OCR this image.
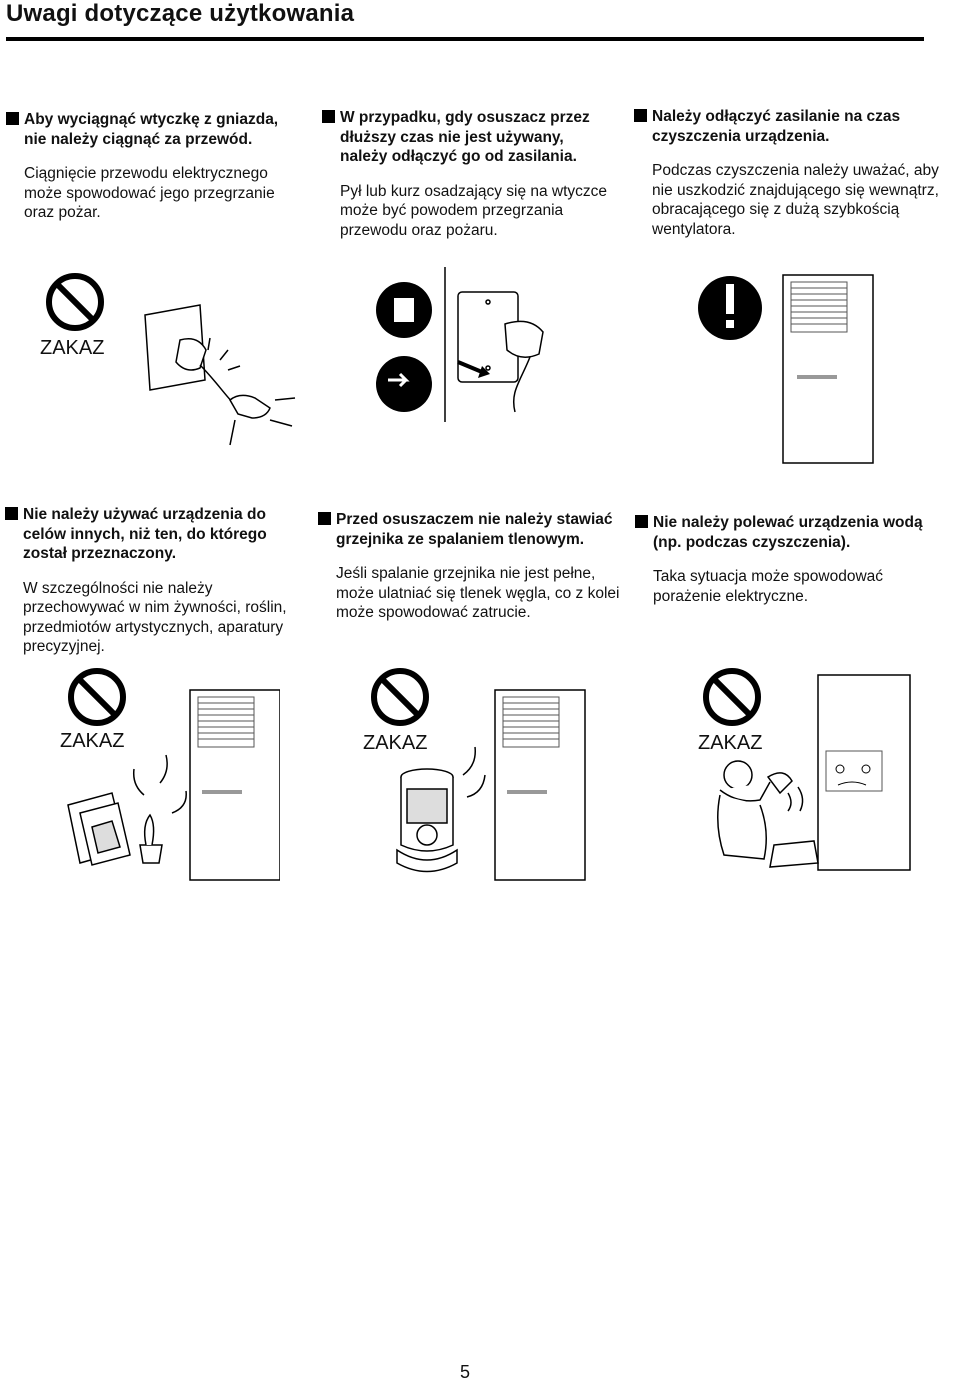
Uwagi dotyczące użytkowania
Aby wyciągnąć wtyczkę z gniazda, nie należy ciągnąć za przewód.

Ciągnięcie przewodu elektrycznego może spowodować jego przegrzanie oraz pożar.

W przypadku, gdy osuszacz przez dłuższy czas nie jest używany, należy odłączyć go od zasilania.

Pył lub kurz osadzający się na wtyczce może być powodem przegrzania przewodu oraz pożaru.

Należy odłączyć zasilanie na czas czyszczenia urządzenia.

Podczas czyszczenia należy uważać, aby nie uszkodzić znajdującego się wewnątrz, obracającego się z dużą szybkością wentylatora.

Nie należy używać urządzenia do celów innych, niż ten, do którego został przeznaczony.

W szczególności nie należy przechowywać w nim żywności, roślin, przedmiotów artystycznych, aparatury precyzyjnej.

Przed osuszaczem nie należy stawiać grzejnika ze spalaniem tlenowym.

Jeśli spalanie grzejnika nie jest pełne, może ulatniać się tlenek węgla, co z kolei może spowodować zatrucie.

Nie należy polewać urządzenia wodą (np. podczas czyszczenia).

Taka sytuacja może spowodować porażenie elektryczne.

ZAKAZ
ZAKAZ	ZAKAZ	ZAKAZ
5
